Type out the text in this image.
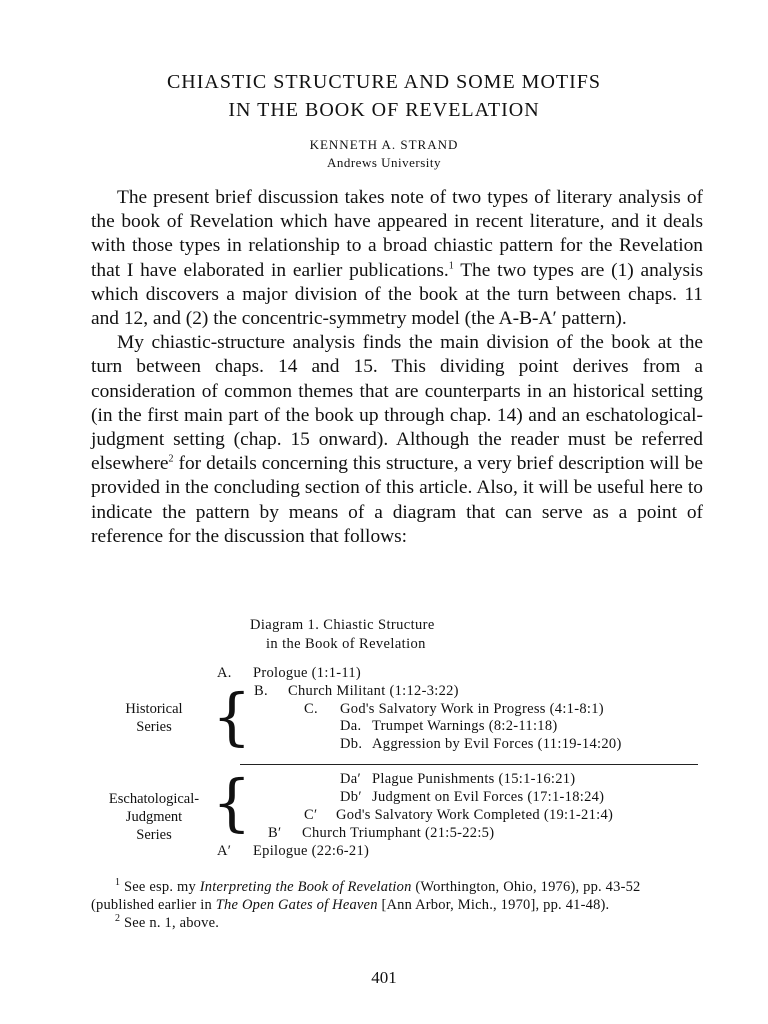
CHIASTIC STRUCTURE AND SOME MOTIFS
IN THE BOOK OF REVELATION
KENNETH A. STRAND
Andrews University

The present brief discussion takes note of two types of literary analysis of the book of Revelation which have appeared in recent literature, and it deals with those types in relationship to a broad chiastic pattern for the Revelation that I have elaborated in earlier publications.$^1$ The two types are (1) analysis which discovers a major division of the book at the turn between chaps. 11 and 12, and (2) the concentric-symmetry model (the A-B-A′ pattern).

My chiastic-structure analysis finds the main division of the book at the turn between chaps. 14 and 15. This dividing point derives from a consideration of common themes that are counterparts in an historical setting (in the first main part of the book up through chap. 14) and an eschatological-judgment setting (chap. 15 onward). Although the reader must be referred elsewhere$^2$ for details concerning this structure, a very brief description will be provided in the concluding section of this article. Also, it will be useful here to indicate the pattern by means of a diagram that can serve as a point of reference for the discussion that follows:

Diagram 1. Chiastic Structure
in the Book of Revelation
Historical
Series {
Eschatological-
Judgment
Series {
A. Prologue (1:1-11)
B. Church Militant (1:12-3:22)
C. God's Salvatory Work in Progress (4:1-8:1)
Da. Trumpet Warnings (8:2-11:18)
Db. Aggression by Evil Forces (11:19-14:20)
Da′ Plague Punishments (15:1-16:21)
Db′ Judgment on Evil Forces (17:1-18:24)
C′ God's Salvatory Work Completed (19:1-21:4)
B′ Church Triumphant (21:5-22:5)
A′ Epilogue (22:6-21)

$^1$ See esp. my Interpreting the Book of Revelation (Worthington, Ohio, 1976), pp. 43-52 (published earlier in The Open Gates of Heaven [Ann Arbor, Mich., 1970], pp. 41-48).

$^2$ See n. 1, above.

401
